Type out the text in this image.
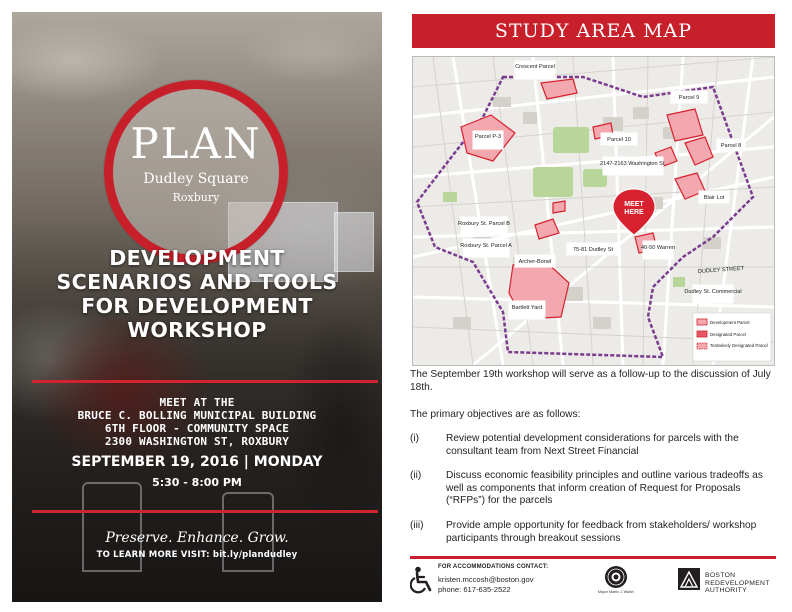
PLAN
Dudley Square
Roxbury
DEVELOPMENT
SCENARIOS AND TOOLS
FOR DEVELOPMENT
WORKSHOP
MEET AT THE
BRUCE C. BOLLING MUNICIPAL BUILDING
6TH FLOOR - COMMUNITY SPACE
2300 WASHINGTON ST, ROXBURY
SEPTEMBER 19, 2016 | MONDAY
5:30 - 8:00 PM
Preserve. Enhance. Grow.
TO LEARN MORE VISIT: bit.ly/plandudley
STUDY AREA MAP
DUDLEY STREET
Crescent Parcel
Parcel 9
Parcel P-3	Parcel 10
Parcel 8
2147-2163 Washington St.
Blair Lot
Roxbury St. Parcel B
Roxbury St. Parcel A
75-81 Dudley St	40-50 Warren
Archer-Bonel
Dudley St. Commercial
Bartlett Yard
MEET
HERE
Development Parcel
Designated Parcel
Tentatively Designated Parcel
The September 19th workshop will serve as a follow-up to the discussion of July 18th.
The primary objectives are as follows:
(i)	Review potential development considerations for parcels with the consultant team from Next Street Financial
(ii) Discuss economic feasibility principles and outline various tradeoffs as well as components that inform creation of Request for Proposals (“RFPs”) for the parcels
(iii) Provide ample opportunity for feedback from stakeholders/ workshop participants through breakout sessions
FOR ACCOMMODATIONS CONTACT:
kristen.mccosh@boston.gov
phone: 617-635-2522	Mayor Martin J. Walsh
BOSTON
REDEVELOPMENT
AUTHORITY
